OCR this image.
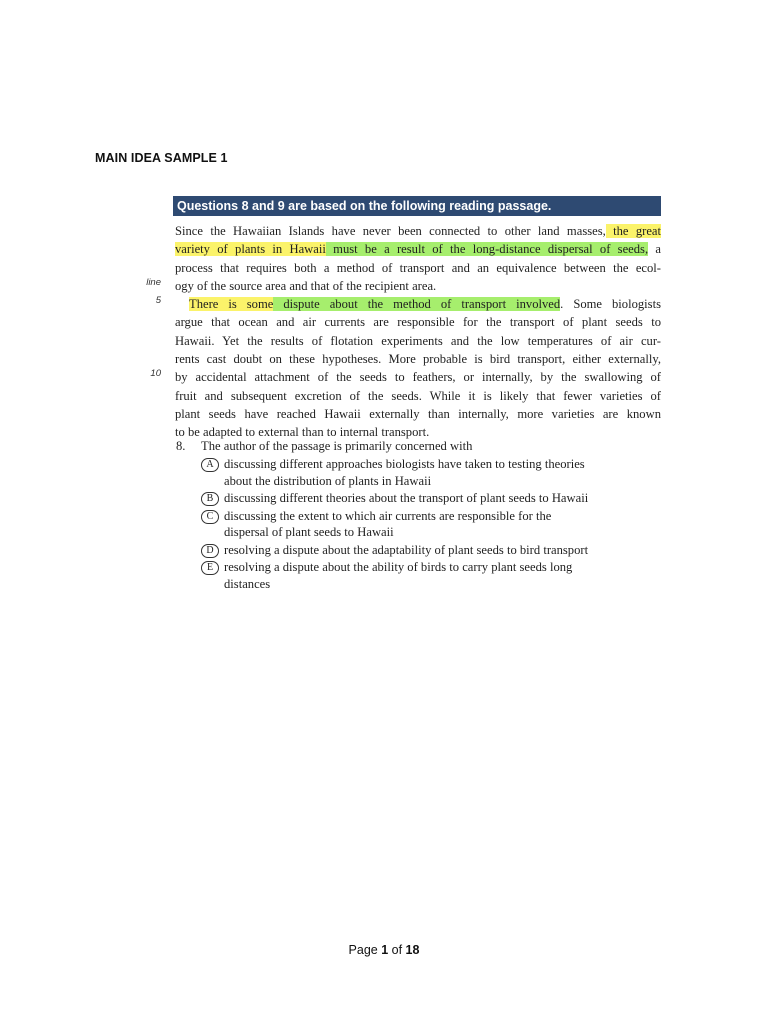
MAIN IDEA SAMPLE 1
Questions 8 and 9 are based on the following reading passage.
Since the Hawaiian Islands have never been connected to other land masses, the great
variety of plants in Hawaii must be a result of the long-distance dispersal of seeds, a
process that requires both a method of transport and an equivalence between the ecol-
ogy of the source area and that of the recipient area.
There is some dispute about the method of transport involved. Some biologists
argue that ocean and air currents are responsible for the transport of plant seeds to
Hawaii. Yet the results of flotation experiments and the low temperatures of air cur-
rents cast doubt on these hypotheses. More probable is bird transport, either externally,
by accidental attachment of the seeds to feathers, or internally, by the swallowing of
fruit and subsequent excretion of the seeds. While it is likely that fewer varieties of
plant seeds have reached Hawaii externally than internally, more varieties are known
to be adapted to external than to internal transport.
line
5
10
8.	The author of the passage is primarily concerned with
A discussing different approaches biologists have taken to testing theories
about the distribution of plants in Hawaii
B discussing different theories about the transport of plant seeds to Hawaii
C discussing the extent to which air currents are responsible for the
dispersal of plant seeds to Hawaii
D resolving a dispute about the adaptability of plant seeds to bird transport
E resolving a dispute about the ability of birds to carry plant seeds long
distances
Page 1 of 18
